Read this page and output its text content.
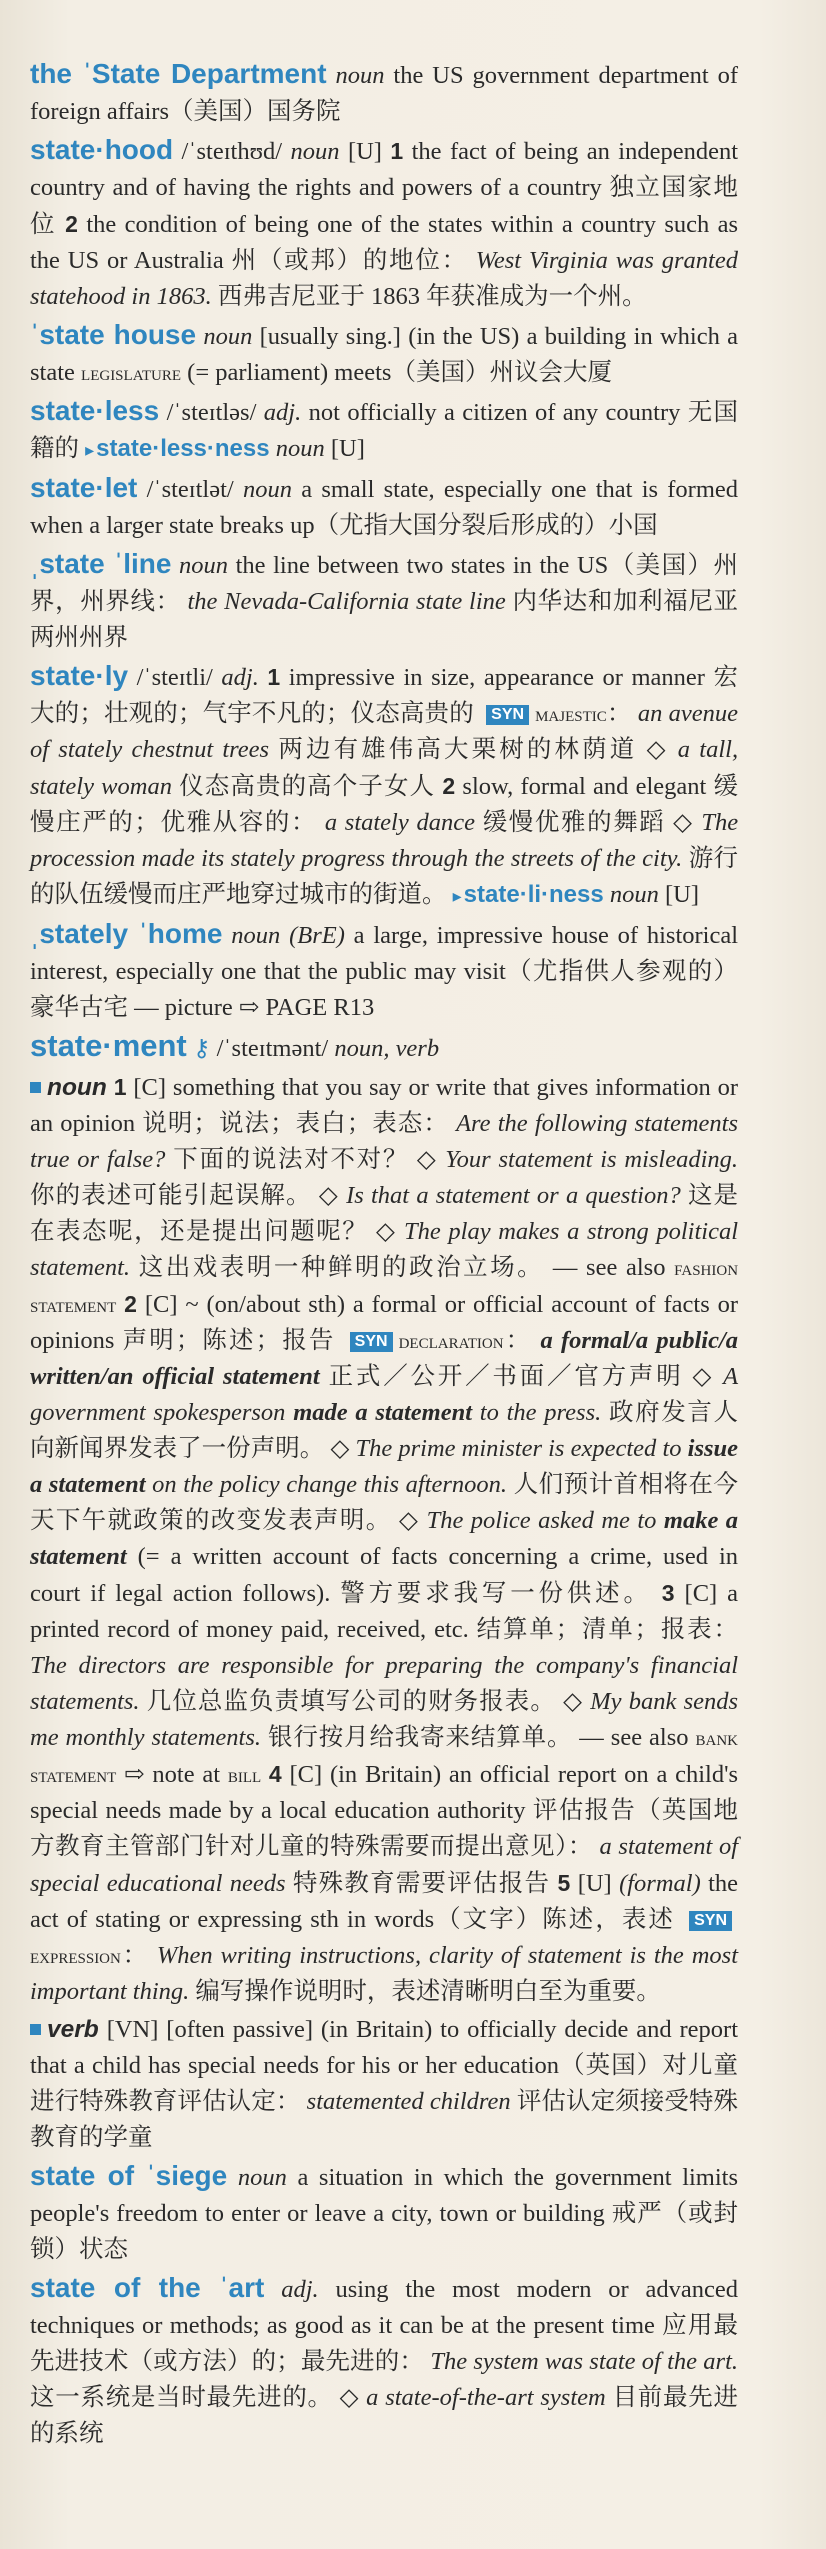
the ˈState Department noun the US government department of foreign affairs（美国）国务院
state·hood /ˈsteɪthʊd/ noun [U] 1 the fact of being an independent country and of having the rights and powers of a country 独立国家地位 2 the condition of being one of the states within a country such as the US or Australia 州（或邦）的地位： West Virginia was granted statehood in 1863. 西弗吉尼亚于 1863 年获准成为一个州。
ˈstate house noun [usually sing.] (in the US) a building in which a state legislature (= parliament) meets（美国）州议会大厦
state·less /ˈsteɪtləs/ adj. not officially a citizen of any country 无国籍的 ▸state·less·ness noun [U]
state·let /ˈsteɪtlət/ noun a small state, especially one that is formed when a larger state breaks up（尤指大国分裂后形成的）小国
ˌstate ˈline noun the line between two states in the US（美国）州界，州界线： the Nevada-California state line 内华达和加利福尼亚两州州界
state·ly /ˈsteɪtli/ adj. 1 impressive in size, appearance or manner 宏大的；壮观的；气宇不凡的；仪态高贵的 SYN majestic： an avenue of stately chestnut trees 两边有雄伟高大栗树的林荫道 ◇ a tall, stately woman 仪态高贵的高个子女人 2 slow, formal and elegant 缓慢庄严的；优雅从容的： a stately dance 缓慢优雅的舞蹈 ◇ The procession made its stately progress through the streets of the city. 游行的队伍缓慢而庄严地穿过城市的街道。 ▸state·li·ness noun [U]
ˌstately ˈhome noun (BrE) a large, impressive house of historical interest, especially one that the public may visit（尤指供人参观的）豪华古宅 — picture ⇨ PAGE R13
state·ment ⚷ /ˈsteɪtmənt/ noun, verb
noun 1 [C] something that you say or write that gives information or an opinion 说明；说法；表白；表态： Are the following statements true or false? 下面的说法对不对？ ◇ Your statement is misleading. 你的表述可能引起误解。 ◇ Is that a statement or a question? 这是在表态呢，还是提出问题呢？ ◇ The play makes a strong political statement. 这出戏表明一种鲜明的政治立场。 — see also fashion statement 2 [C] ~ (on/about sth) a formal or official account of facts or opinions 声明；陈述；报告 SYN declaration： a formal/a public/a written/an official statement 正式／公开／书面／官方声明 ◇ A government spokesperson made a statement to the press. 政府发言人向新闻界发表了一份声明。 ◇ The prime minister is expected to issue a statement on the policy change this afternoon. 人们预计首相将在今天下午就政策的改变发表声明。 ◇ The police asked me to make a statement (= a written account of facts concerning a crime, used in court if legal action follows). 警方要求我写一份供述。 3 [C] a printed record of money paid, received, etc. 结算单；清单；报表： The directors are responsible for preparing the company's financial statements. 几位总监负责填写公司的财务报表。 ◇ My bank sends me monthly statements. 银行按月给我寄来结算单。 — see also bank statement ⇨ note at bill 4 [C] (in Britain) an official report on a child's special needs made by a local education authority 评估报告（英国地方教育主管部门针对儿童的特殊需要而提出意见）： a statement of special educational needs 特殊教育需要评估报告 5 [U] (formal) the act of stating or expressing sth in words（文字）陈述，表述 SYNexpression： When writing instructions, clarity of statement is the most important thing. 编写操作说明时，表述清晰明白至为重要。
verb [VN] [often passive] (in Britain) to officially decide and report that a child has special needs for his or her education（英国）对儿童进行特殊教育评估认定： statemented children 评估认定须接受特殊教育的学童
state of ˈsiege noun a situation in which the government limits people's freedom to enter or leave a city, town or building 戒严（或封锁）状态
state of the ˈart adj. using the most modern or advanced techniques or methods; as good as it can be at the present time 应用最先进技术（或方法）的；最先进的： The system was state of the art. 这一系统是当时最先进的。 ◇ a state-of-the-art system 目前最先进的系统
